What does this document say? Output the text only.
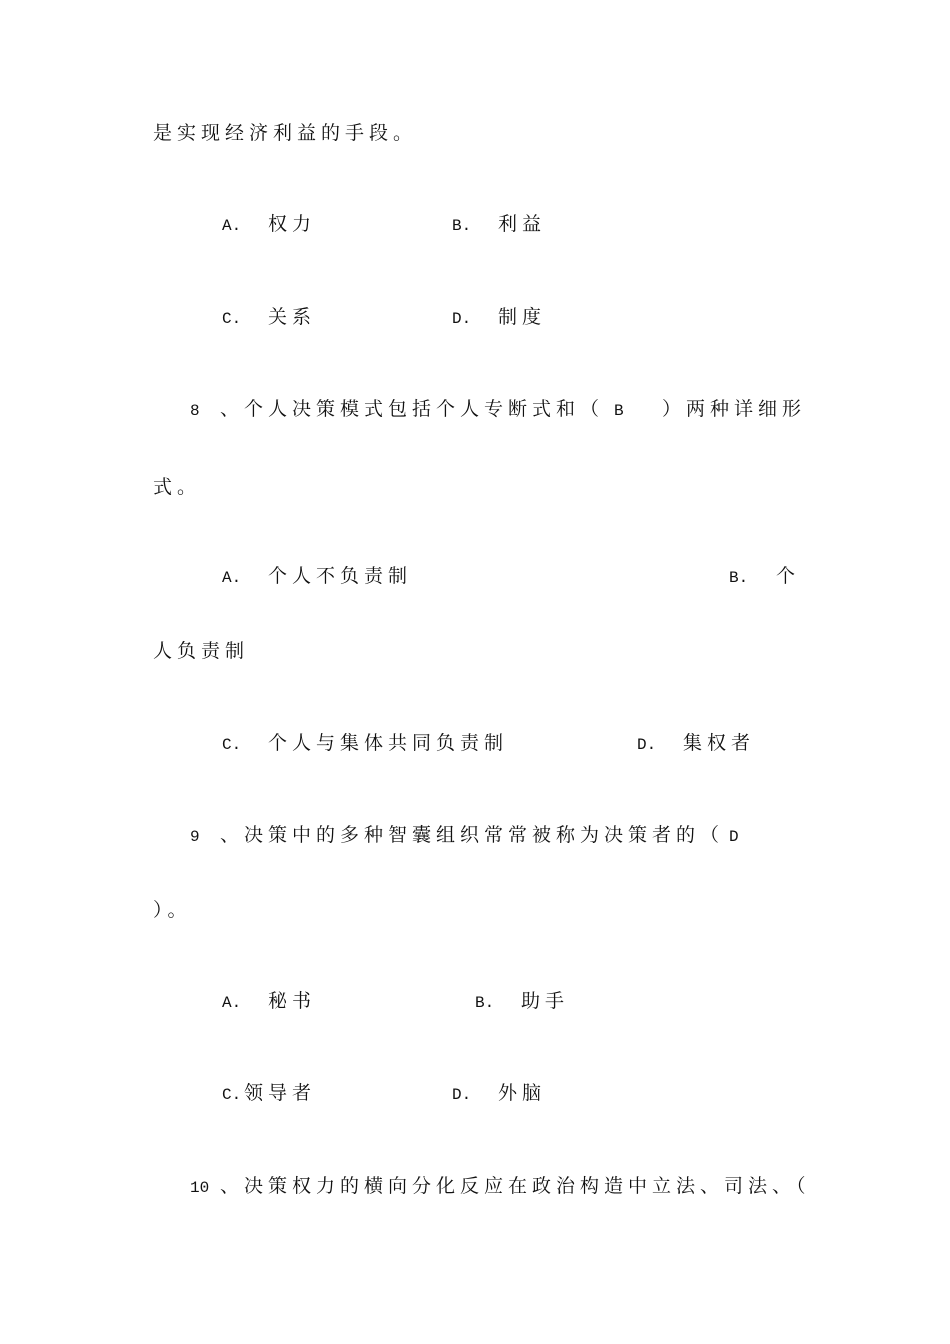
是实现经济利益的手段。
A. 权力	B. 利益
C. 关系	D. 制度
8 、个人决策模式包括个人专断式和（ B ）两种详细形
式。
A. 个人不负责制	B. 个
人负责制
C. 个人与集体共同负责制	D. 集权者
9 、决策中的多种智囊组织常常被称为决策者的（ D
）。
A. 秘书	B. 助手
C. 领导者	D. 外脑
10 、决策权力的横向分化反应在政治构造中立法、司法、（
